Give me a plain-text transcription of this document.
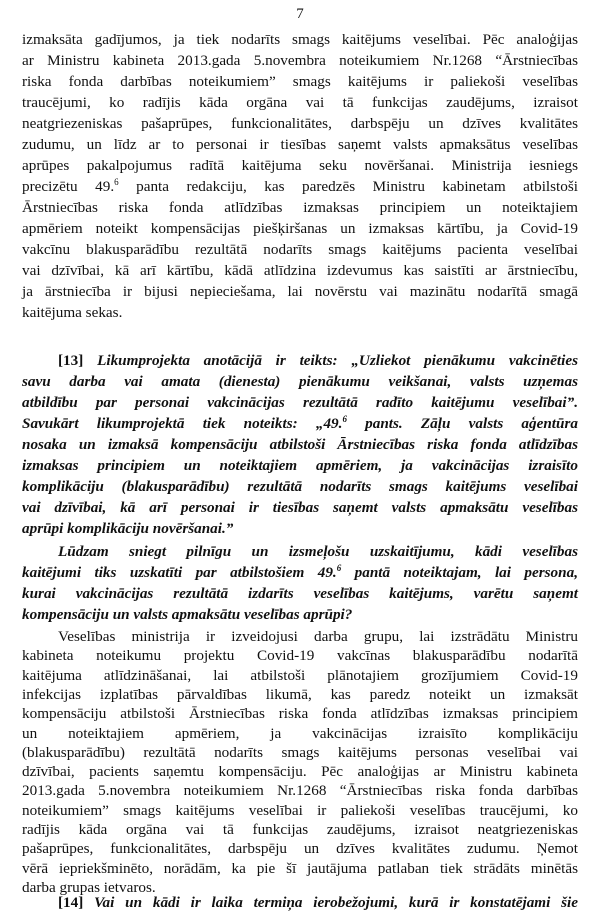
7
izmaksāta gadījumos, ja tiek nodarīts smags kaitējums veselībai. Pēc analoģijas
ar Ministru kabineta 2013.gada 5.novembra noteikumiem Nr.1268 “Ārstniecības
riska fonda darbības noteikumiem” smags kaitējums ir paliekoši veselības
traucējumi, ko radījis kāda orgāna vai tā funkcijas zaudējums, izraisot
neatgriezeniskas pašaprūpes, funkcionalitātes, darbspēju un dzīves kvalitātes
zudumu, un līdz ar to personai ir tiesības saņemt valsts apmaksātus veselības
aprūpes pakalpojumus radītā kaitējuma seku novēršanai. Ministrija iesniegs
precizētu 49.$^6$ panta redakciju, kas paredzēs Ministru kabinetam atbilstoši
Ārstniecības riska fonda atlīdzības izmaksas principiem un noteiktajiem
apmēriem noteikt kompensācijas piešķiršanas un izmaksas kārtību, ja Covid-19
vakcīnu blakusparādību rezultātā nodarīts smags kaitējums pacienta veselībai
vai dzīvībai, kā arī kārtību, kādā atlīdzina izdevumus kas saistīti ar ārstniecību,
ja ārstniecība ir bijusi nepieciešama, lai novērstu vai mazinātu nodarītā smagā
kaitējuma sekas.
[13] Likumprojekta anotācijā ir teikts: „Uzliekot pienākumu vakcinēties
savu darba vai amata (dienesta) pienākumu veikšanai, valsts uzņemas
atbildību par personai vakcinācijas rezultātā radīto kaitējumu veselībai”.
Savukārt likumprojektā tiek noteikts: „49.$^6$ pants. Zāļu valsts aģentūra
nosaka un izmaksā kompensāciju atbilstoši Ārstniecības riska fonda atlīdzības
izmaksas principiem un noteiktajiem apmēriem, ja vakcinācijas izraisīto
komplikāciju (blakusparādību) rezultātā nodarīts smags kaitējums veselībai
vai dzīvībai, kā arī personai ir tiesības saņemt valsts apmaksātu veselības
aprūpi komplikāciju novēršanai.”
Lūdzam sniegt pilnīgu un izsmeļošu uzskaitījumu, kādi veselības
kaitējumi tiks uzskatīti par atbilstošiem 49.$^6$ pantā noteiktajam, lai persona,
kurai vakcinācijas rezultātā izdarīts veselības kaitējums, varētu saņemt
kompensāciju un valsts apmaksātu veselības aprūpi?
Veselības ministrija ir izveidojusi darba grupu, lai izstrādātu Ministru
kabineta noteikumu projektu Covid-19 vakcīnas blakusparādību nodarītā
kaitējuma atlīdzināšanai, lai atbilstoši plānotajiem grozījumiem Covid-19
infekcijas izplatības pārvaldības likumā, kas paredz noteikt un izmaksāt
kompensāciju atbilstoši Ārstniecības riska fonda atlīdzības izmaksas principiem
un noteiktajiem apmēriem, ja vakcinācijas izraisīto komplikāciju
(blakusparādību) rezultātā nodarīts smags kaitējums personas veselībai vai
dzīvībai, pacients saņemtu kompensāciju. Pēc analoģijas ar Ministru kabineta
2013.gada 5.novembra noteikumiem Nr.1268 “Ārstniecības riska fonda darbības
noteikumiem” smags kaitējums veselībai ir paliekoši veselības traucējumi, ko
radījis kāda orgāna vai tā funkcijas zaudējums, izraisot neatgriezeniskas
pašaprūpes, funkcionalitātes, darbspēju un dzīves kvalitātes zudumu. Ņemot
vērā iepriekšminēto, norādām, ka pie šī jautājuma patlaban tiek strādāts minētās
darba grupas ietvaros.
[14] Vai un kādi ir laika termiņa ierobežojumi, kurā ir konstatējami šie
